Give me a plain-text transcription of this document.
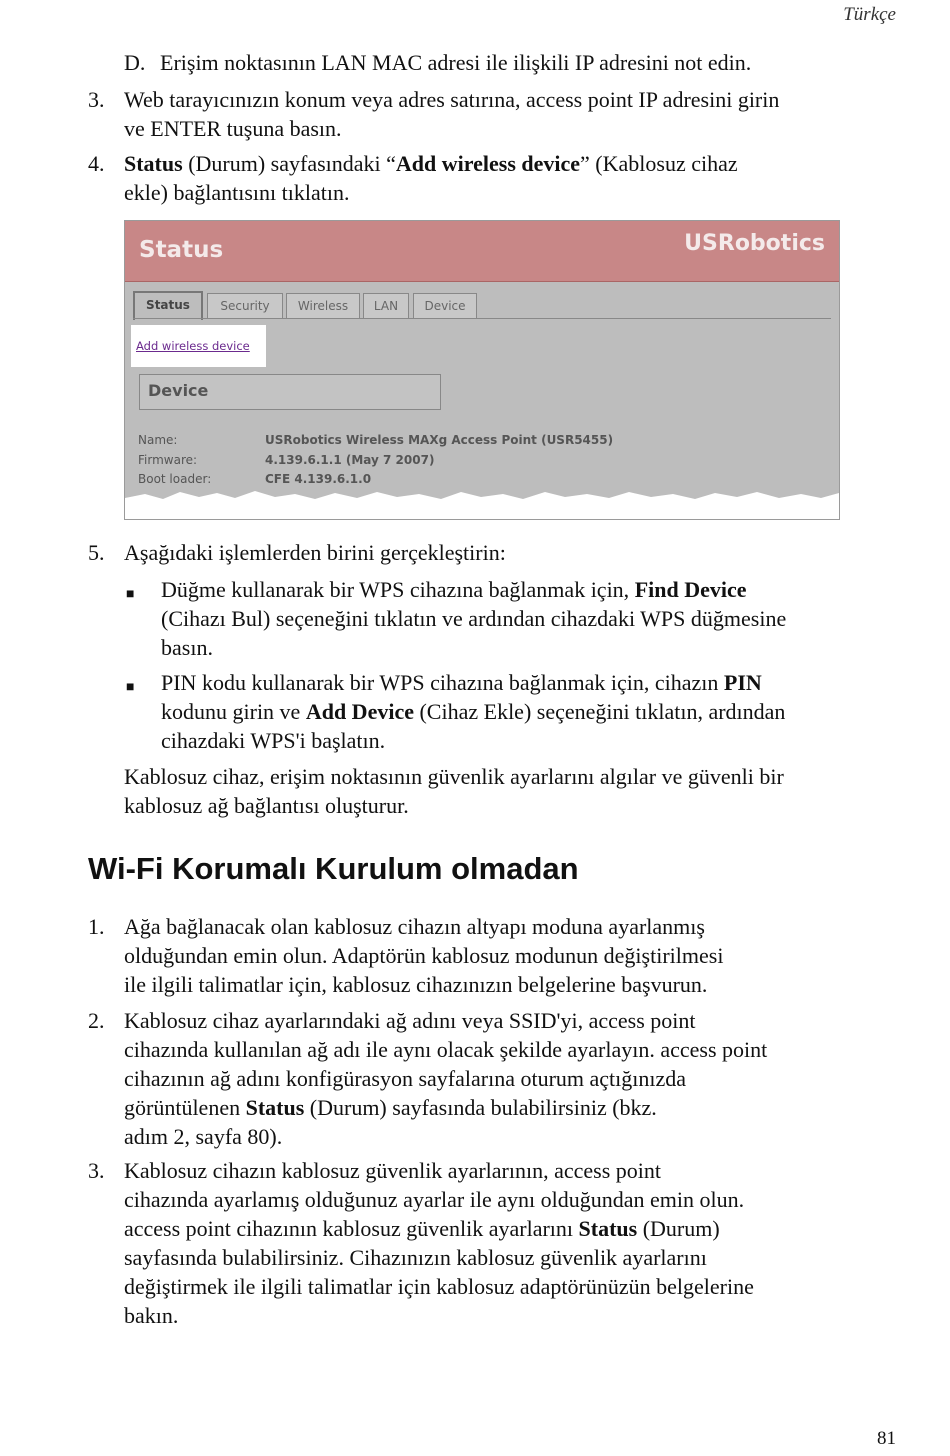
Türkçe
D. Erişim noktasının LAN MAC adresi ile ilişkili IP adresini not edin.
3. Web tarayıcınızın konum veya adres satırına, access point IP adresini girin
ve ENTER tuşuna basın.
4. Status (Durum) sayfasındaki “Add wireless device” (Kablosuz cihaz
ekle) bağlantısını tıklatın.
Status	USRobotics
Status	Security	Wireless	LAN	Device
Add wireless device
Device
Name:	USRobotics Wireless MAXg Access Point (USR5455)
Firmware:	4.139.6.1.1 (May 7 2007)
Boot loader:	CFE 4.139.6.1.0
5. Aşağıdaki işlemlerden birini gerçekleştirin:
■ Düğme kullanarak bir WPS cihazına bağlanmak için, Find Device
(Cihazı Bul) seçeneğini tıklatın ve ardından cihazdaki WPS düğmesine
basın.
■ PIN kodu kullanarak bir WPS cihazına bağlanmak için, cihazın PIN
kodunu girin ve Add Device (Cihaz Ekle) seçeneğini tıklatın, ardından
cihazdaki WPS'i başlatın.
Kablosuz cihaz, erişim noktasının güvenlik ayarlarını algılar ve güvenli bir
kablosuz ağ bağlantısı oluşturur.
Wi-Fi Korumalı Kurulum olmadan
1. Ağa bağlanacak olan kablosuz cihazın altyapı moduna ayarlanmış
olduğundan emin olun. Adaptörün kablosuz modunun değiştirilmesi
ile ilgili talimatlar için, kablosuz cihazınızın belgelerine başvurun.
2. Kablosuz cihaz ayarlarındaki ağ adını veya SSID'yi, access point
cihazında kullanılan ağ adı ile aynı olacak şekilde ayarlayın. access point
cihazının ağ adını konfigürasyon sayfalarına oturum açtığınızda
görüntülenen Status (Durum) sayfasında bulabilirsiniz (bkz.
adım 2, sayfa 80).
3. Kablosuz cihazın kablosuz güvenlik ayarlarının, access point
cihazında ayarlamış olduğunuz ayarlar ile aynı olduğundan emin olun.
access point cihazının kablosuz güvenlik ayarlarını Status (Durum)
sayfasında bulabilirsiniz. Cihazınızın kablosuz güvenlik ayarlarını
değiştirmek ile ilgili talimatlar için kablosuz adaptörünüzün belgelerine
bakın.
81
